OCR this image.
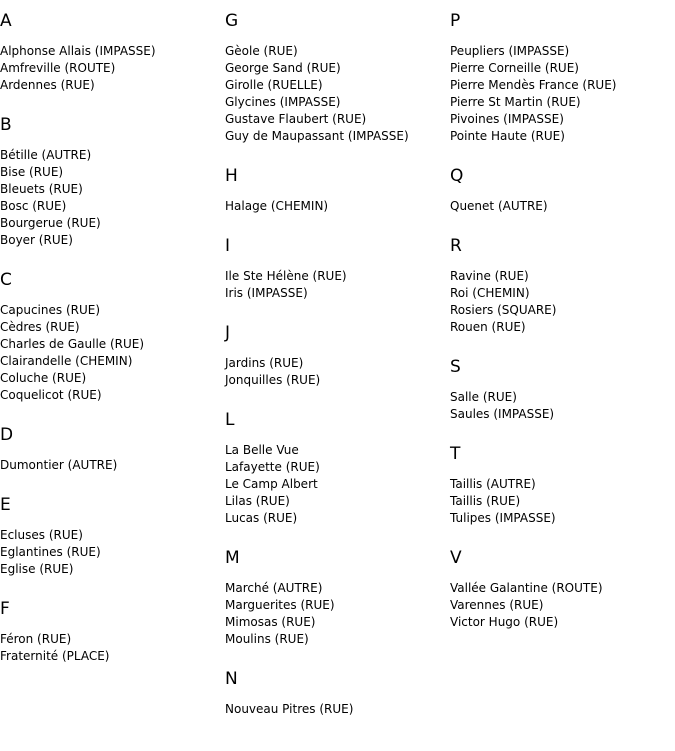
A
Alphonse Allais (IMPASSE)
Amfreville (ROUTE)
Ardennes (RUE)
B
Bétille (AUTRE)
Bise (RUE)
Bleuets (RUE)
Bosc (RUE)
Bourgerue (RUE)
Boyer (RUE)
C
Capucines (RUE)
Cèdres (RUE)
Charles de Gaulle (RUE)
Clairandelle (CHEMIN)
Coluche (RUE)
Coquelicot (RUE)
D
Dumontier (AUTRE)
E
Ecluses (RUE)
Eglantines (RUE)
Eglise (RUE)
F
Féron (RUE)
Fraternité (PLACE)
G
Gèole (RUE)
George Sand (RUE)
Girolle (RUELLE)
Glycines (IMPASSE)
Gustave Flaubert (RUE)
Guy de Maupassant (IMPASSE)
H
Halage (CHEMIN)
I
Ile Ste Hélène (RUE)
Iris (IMPASSE)
J
Jardins (RUE)
Jonquilles (RUE)
L
La Belle Vue
Lafayette (RUE)
Le Camp Albert
Lilas (RUE)
Lucas (RUE)
M
Marché (AUTRE)
Marguerites (RUE)
Mimosas (RUE)
Moulins (RUE)
N
Nouveau Pitres (RUE)
P
Peupliers (IMPASSE)
Pierre Corneille (RUE)
Pierre Mendès France (RUE)
Pierre St Martin (RUE)
Pivoines (IMPASSE)
Pointe Haute (RUE)
Q
Quenet (AUTRE)
R
Ravine (RUE)
Roi (CHEMIN)
Rosiers (SQUARE)
Rouen (RUE)
S
Salle (RUE)
Saules (IMPASSE)
T
Taillis (AUTRE)
Taillis (RUE)
Tulipes (IMPASSE)
V
Vallée Galantine (ROUTE)
Varennes (RUE)
Victor Hugo (RUE)
